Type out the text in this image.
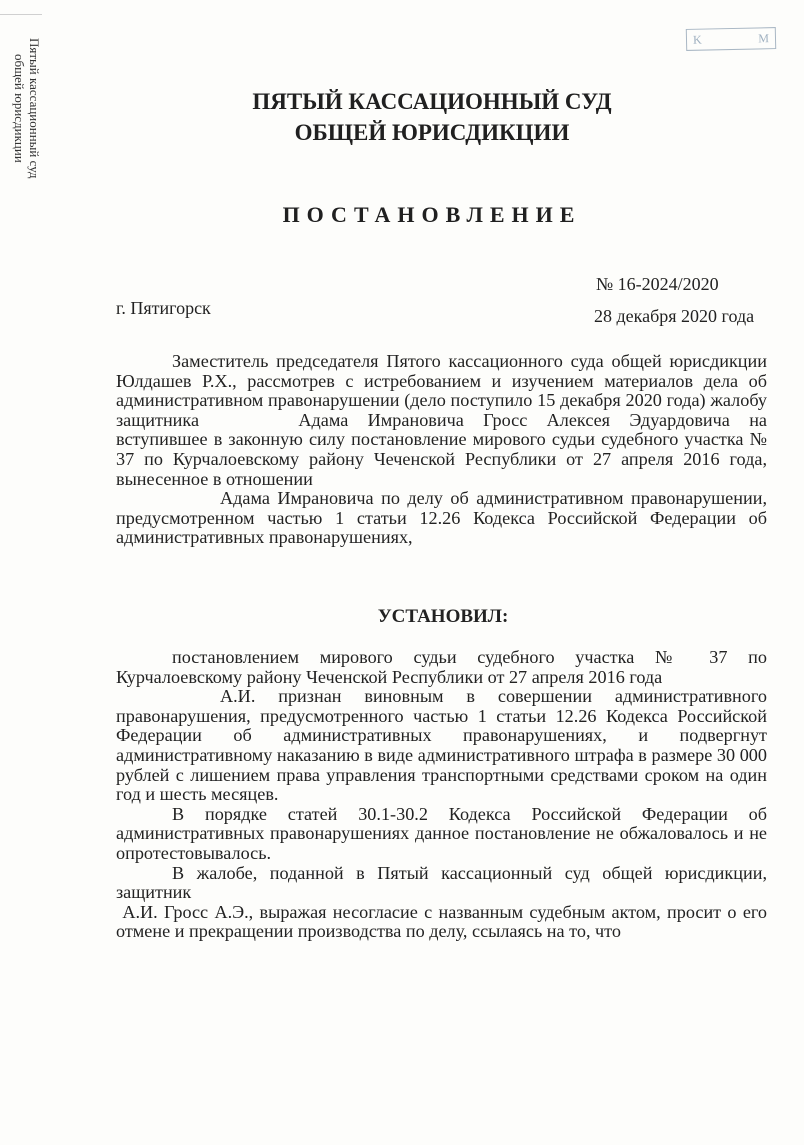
Пятый кассационный суд
общей юрисдикции
K	M
ПЯТЫЙ КАССАЦИОННЫЙ СУД
ОБЩЕЙ ЮРИСДИКЦИИ
ПОСТАНОВЛЕНИЕ
№ 16-2024/2020
г. Пятигорск	28 декабря 2020 года

Заместитель председателя Пятого кассационного суда общей юрисдикции Юлдашев Р.Х., рассмотрев с истребованием и изучением материалов дела об административном правонарушении (дело поступило 15 декабря 2020 года) жалобу защитника	Адама Имрановича Гросс Алексея Эдуардовича на вступившее в законную силу постановление мирового судьи судебного участка № 37 по Курчалоевскому району Чеченской Республики от 27 апреля 2016 года, вынесенное в отношении
Адама Имрановича по делу об административном правонарушении, предусмотренном частью 1 статьи 12.26 Кодекса Российской Федерации об административных правонарушениях,

УСТАНОВИЛ:

постановлением мирового судьи судебного участка № 37 по Курчалоевскому району Чеченской Республики от 27 апреля 2016 года
А.И. признан виновным в совершении административного правонарушения, предусмотренного частью 1 статьи 12.26 Кодекса Российской Федерации об административных правонарушениях, и подвергнут административному наказанию в виде административного штрафа в размере 30 000 рублей с лишением права управления транспортными средствами сроком на один год и шесть месяцев.

В порядке статей 30.1-30.2 Кодекса Российской Федерации об административных правонарушениях данное постановление не обжаловалось и не опротестовывалось.

В жалобе, поданной в Пятый кассационный суд общей юрисдикции, защитник
А.И. Гросс А.Э., выражая несогласие с названным судебным актом, просит о его отмене и прекращении производства по делу, ссылаясь на то, что
